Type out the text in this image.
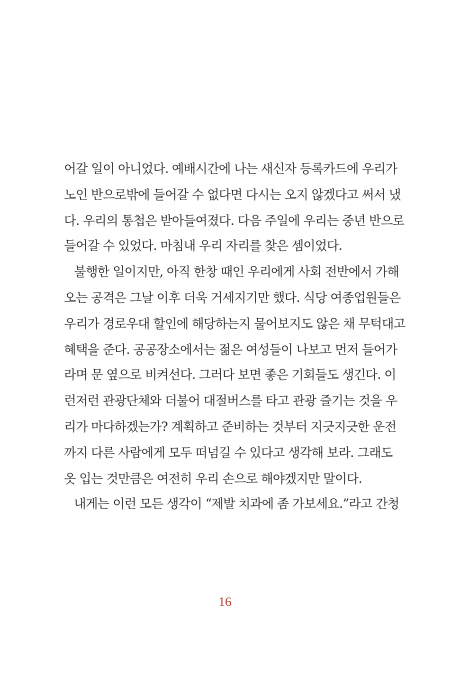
어갈 일이 아니었다. 예배시간에 나는 새신자 등록카드에 우리가
노인 반으로밖에 들어갈 수 없다면 다시는 오지 않겠다고 써서 냈
다. 우리의 통첩은 받아들여졌다. 다음 주일에 우리는 중년 반으로
들어갈 수 있었다. 마침내 우리 자리를 찾은 셈이었다.
불행한 일이지만, 아직 한창 때인 우리에게 사회 전반에서 가해
오는 공격은 그날 이후 더욱 거세지기만 했다. 식당 여종업원들은
우리가 경로우대 할인에 해당하는지 물어보지도 않은 채 무턱대고
혜택을 준다. 공공장소에서는 젊은 여성들이 나보고 먼저 들어가
라며 문 옆으로 비켜선다. 그러다 보면 좋은 기회들도 생긴다. 이
런저런 관광단체와 더불어 대절버스를 타고 관광 즐기는 것을 우
리가 마다하겠는가? 계획하고 준비하는 것부터 지긋지긋한 운전
까지 다른 사람에게 모두 떠넘길 수 있다고 생각해 보라. 그래도
옷 입는 것만큼은 여전히 우리 손으로 해야겠지만 말이다.
내게는 이런 모든 생각이 “제발 치과에 좀 가보세요.”라고 간청
16
